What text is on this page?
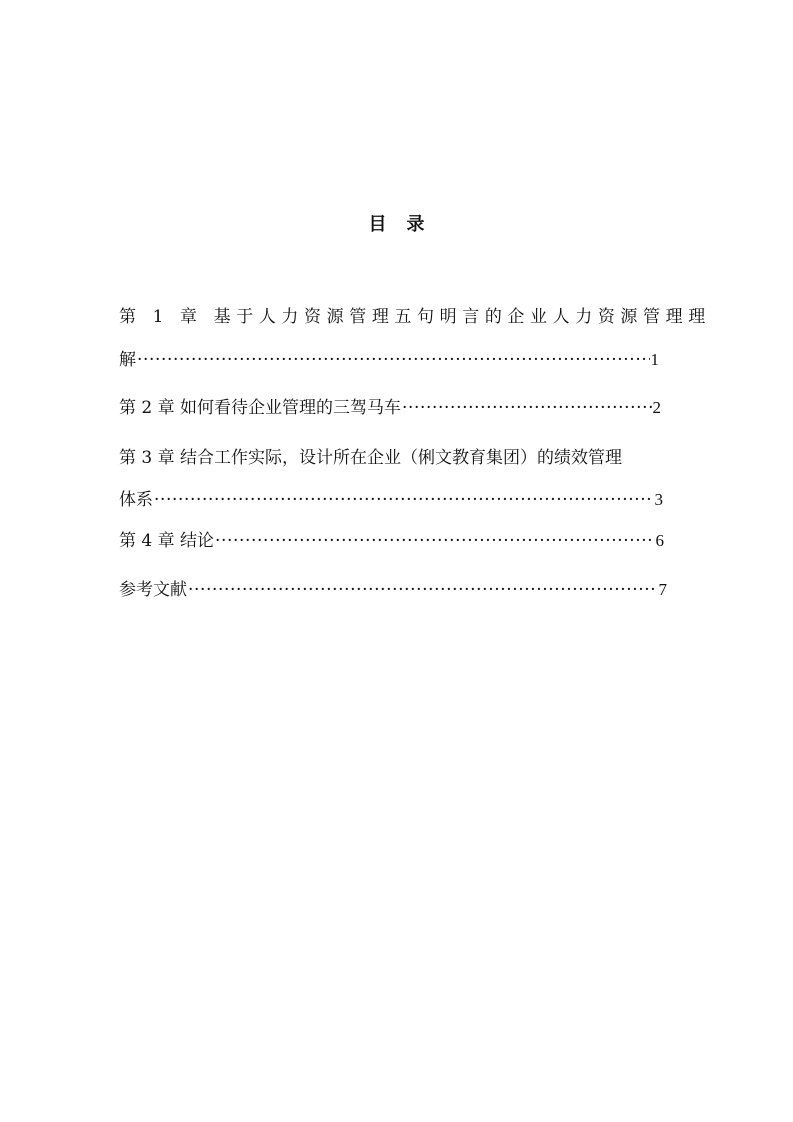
目录
第 1 章 基于人力资源管理五句明言的企业人力资源管理理
解 ·····	1
第 2 章 如何看待企业管理的三驾马车 ·····	2
第 3 章 结合工作实际，设计所在企业（俐文教育集团）的绩效管理
体系 ·····	3
第 4 章 结论 ·····	6
参考文献 ·····	7
